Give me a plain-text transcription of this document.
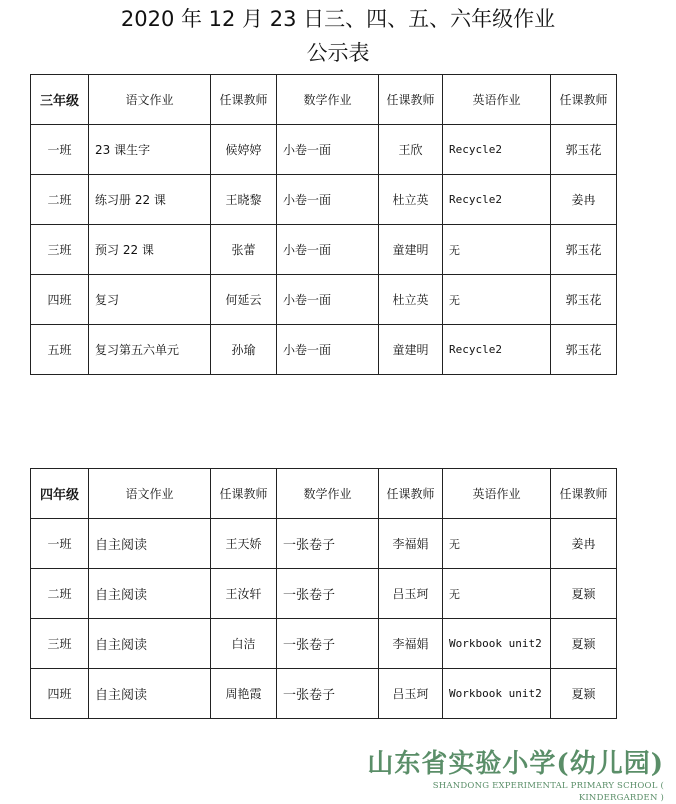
2020 年 12 月 23 日三、四、五、六年级作业
公示表
三年级	语文作业	任课教师	数学作业	任课教师	英语作业	任课教师
一班	23 课生字	候婷婷	小卷一面	王欣	Recycle2	郭玉花
二班	练习册 22 课	王晓黎	小卷一面	杜立英	Recycle2	姜冉
三班	预习 22 课	张蕾	小卷一面	童建明	无	郭玉花
四班	复习	何延云	小卷一面	杜立英	无	郭玉花
五班	复习第五六单元	孙瑜	小卷一面	童建明	Recycle2	郭玉花
四年级	语文作业	任课教师	数学作业	任课教师	英语作业	任课教师
一班	自主阅读	王天娇	一张卷子	李福娟	无	姜冉
二班	自主阅读	王汝轩	一张卷子	吕玉珂	无	夏颍
三班	自主阅读	白洁	一张卷子	李福娟	Workbook unit2	夏颍
四班	自主阅读	周艳霞	一张卷子	吕玉珂	Workbook unit2	夏颍
山东省实验小学(幼儿园)
SHANDONG EXPERIMENTAL PRIMARY SCHOOL ( KINDERGARDEN )
